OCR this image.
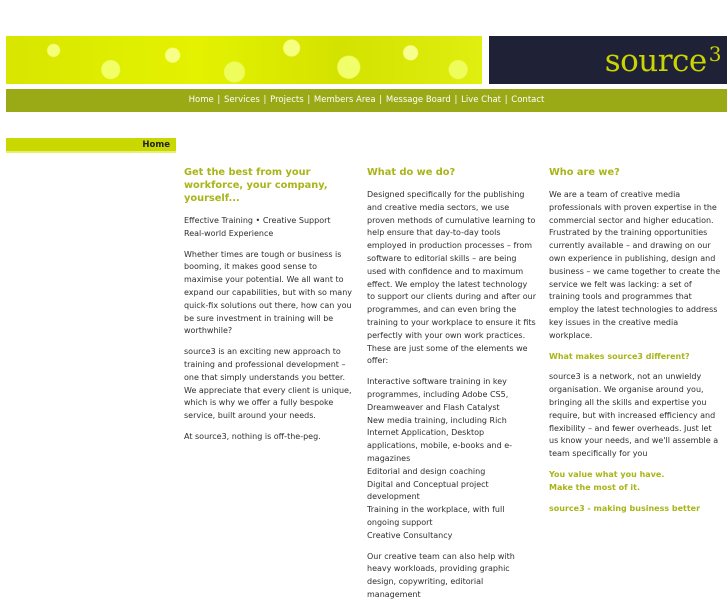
source $^3$

Home | Services | Projects | Members Area | Message Board | Live Chat | Contact
Home
Get the best from your workforce, your company, yourself...

Effective Training • Creative Support
Real-world Experience

Whether times are tough or business is booming, it makes good sense to maximise your potential. We all want to expand our capabilities, but with so many quick-fix solutions out there, how can you be sure investment in training will be worthwhile?

source3 is an exciting new approach to training and professional development – one that simply understands you better. We appreciate that every client is unique, which is why we offer a fully bespoke service, built around your needs.

At source3, nothing is off-the-peg.

What do we do?

Designed specifically for the publishing and creative media sectors, we use proven methods of cumulative learning to help ensure that day-to-day tools employed in production processes – from software to editorial skills – are being used with confidence and to maximum effect. We employ the latest technology to support our clients during and after our programmes, and can even bring the training to your workplace to ensure it fits perfectly with your own work practices. These are just some of the elements we offer:

Interactive software training in key programmes, including Adobe CS5, Dreamweaver and Flash Catalyst
New media training, including Rich Internet Application, Desktop applications, mobile, e-books and e-magazines
Editorial and design coaching
Digital and Conceptual project development
Training in the workplace, with full ongoing support
Creative Consultancy

Our creative team can also help with heavy workloads, providing graphic design, copywriting, editorial management

Who are we?

We are a team of creative media professionals with proven expertise in the commercial sector and higher education. Frustrated by the training opportunities currently available – and drawing on our own experience in publishing, design and business – we came together to create the service we felt was lacking: a set of training tools and programmes that employ the latest technologies to address key issues in the creative media workplace.

What makes source3 different?

source3 is a network, not an unwieldy organisation. We organise around you, bringing all the skills and expertise you require, but with increased efficiency and flexibility – and fewer overheads. Just let us know your needs, and we'll assemble a team specifically for you

You value what you have.
Make the most of it.

source3 - making business better
